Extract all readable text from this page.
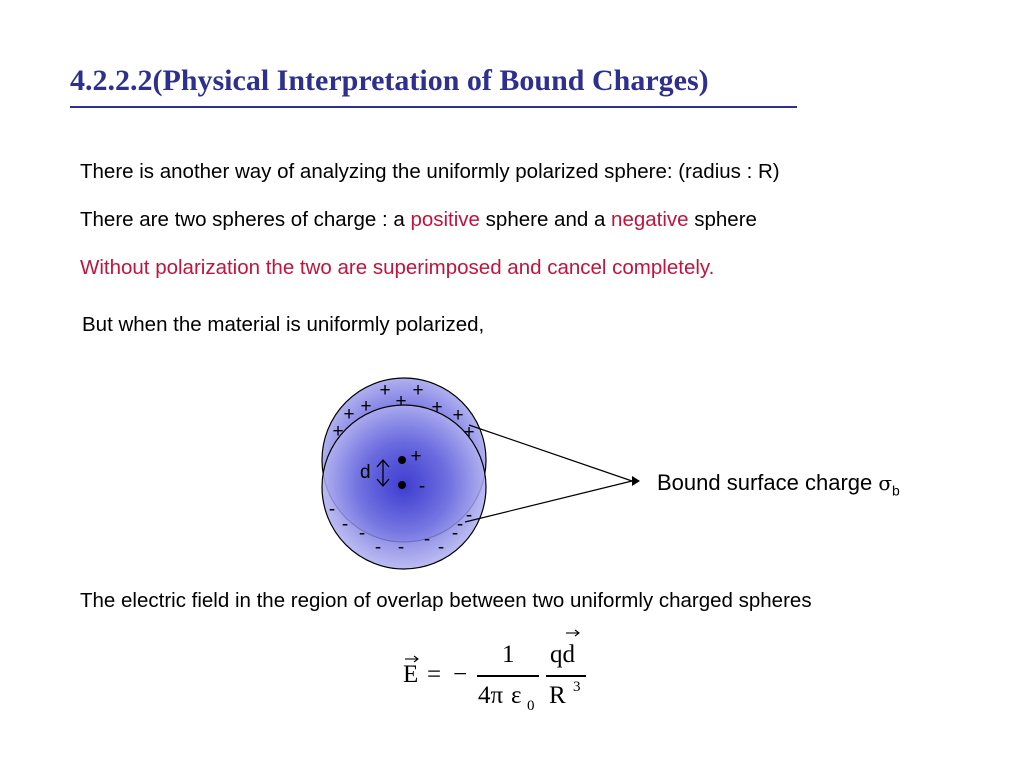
4.2.2.2(Physical Interpretation of Bound Charges)

There is another way of analyzing the uniformly polarized sphere: (radius : R)

There are two spheres of charge : a positive sphere and a negative sphere

Without polarization the two are superimposed and cancel completely.

But when the material is uniformly polarized,

+ +
+
+	+
+	+
+	+
+
-
-	-
-	-
-	-
-
- - -
d	Bound surface charge $\sigma_b$

The electric field in the region of overlap between two uniformly charged spheres

E = −
1
4π ε 0
qd
R 3
